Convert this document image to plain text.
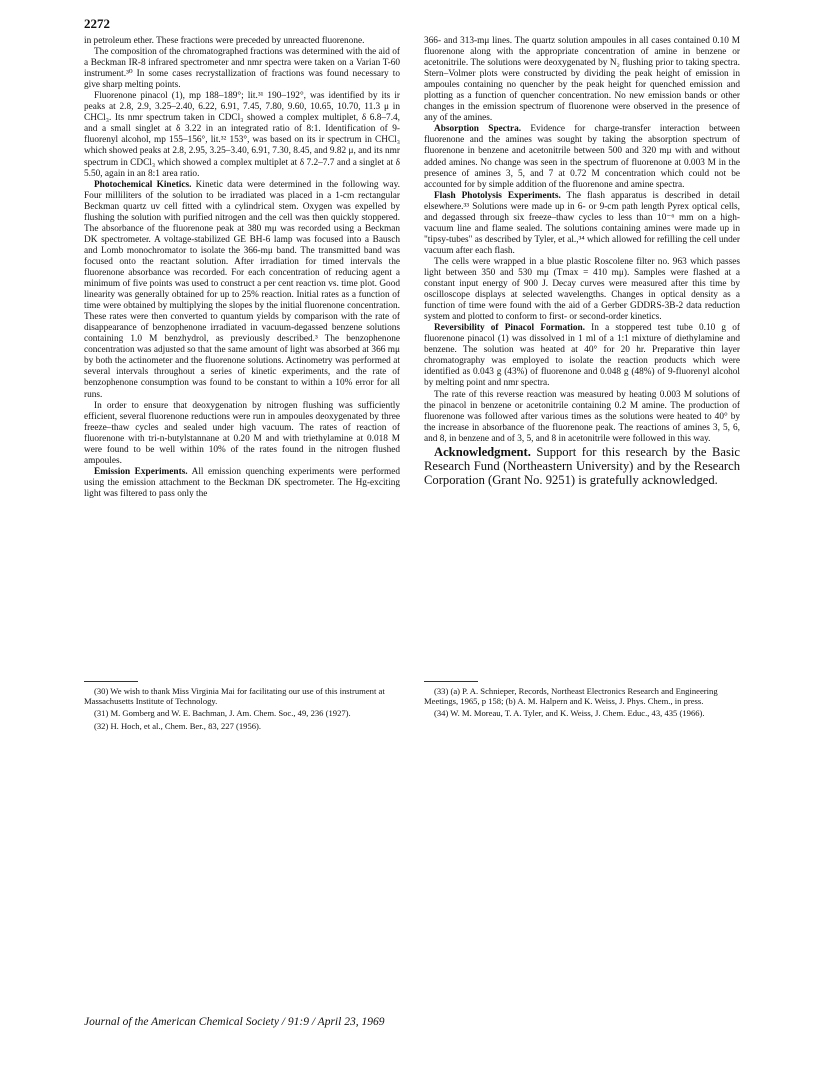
2272

in petroleum ether. These fractions were preceded by unreacted fluorenone.

The composition of the chromatographed fractions was determined with the aid of a Beckman IR-8 infrared spectrometer and nmr spectra were taken on a Varian T-60 instrument.³⁰ In some cases recrystallization of fractions was found necessary to give sharp melting points.

Fluorenone pinacol (1), mp 188–189°; lit.³¹ 190–192°, was identified by its ir peaks at 2.8, 2.9, 3.25–2.40, 6.22, 6.91, 7.45, 7.80, 9.60, 10.65, 10.70, 11.3 μ in CHCl₃. Its nmr spectrum taken in CDCl₃ showed a complex multiplet, δ 6.8–7.4, and a small singlet at δ 3.22 in an integrated ratio of 8:1. Identification of 9-fluorenyl alcohol, mp 155–156°, lit.³² 153°, was based on its ir spectrum in CHCl₃ which showed peaks at 2.8, 2.95, 3.25–3.40, 6.91, 7.30, 8.45, and 9.82 μ, and its nmr spectrum in CDCl₃ which showed a complex multiplet at δ 7.2–7.7 and a singlet at δ 5.50, again in an 8:1 area ratio.

Photochemical Kinetics. Kinetic data were determined in the following way. Four milliliters of the solution to be irradiated was placed in a 1-cm rectangular Beckman quartz uv cell fitted with a cylindrical stem. Oxygen was expelled by flushing the solution with purified nitrogen and the cell was then quickly stoppered. The absorbance of the fluorenone peak at 380 mμ was recorded using a Beckman DK spectrometer. A voltage-stabilized GE BH-6 lamp was focused into a Bausch and Lomb monochromator to isolate the 366-mμ band. The transmitted band was focused onto the reactant solution. After irradiation for timed intervals the fluorenone absorbance was recorded. For each concentration of reducing agent a minimum of five points was used to construct a per cent reaction vs. time plot. Good linearity was generally obtained for up to 25% reaction. Initial rates as a function of time were obtained by multiplying the slopes by the initial fluorenone concentration. These rates were then converted to quantum yields by comparison with the rate of disappearance of benzophenone irradiated in vacuum-degassed benzene solutions containing 1.0 M benzhydrol, as previously described.³ The benzophenone concentration was adjusted so that the same amount of light was absorbed at 366 mμ by both the actinometer and the fluorenone solutions. Actinometry was performed at several intervals throughout a series of kinetic experiments, and the rate of benzophenone consumption was found to be constant to within a 10% error for all runs.

In order to ensure that deoxygenation by nitrogen flushing was sufficiently efficient, several fluorenone reductions were run in ampoules deoxygenated by three freeze–thaw cycles and sealed under high vacuum. The rates of reaction of fluorenone with tri-n-butylstannane at 0.20 M and with triethylamine at 0.018 M were found to be well within 10% of the rates found in the nitrogen flushed ampoules.

Emission Experiments. All emission quenching experiments were performed using the emission attachment to the Beckman DK spectrometer. The Hg-exciting light was filtered to pass only the

366- and 313-mμ lines. The quartz solution ampoules in all cases contained 0.10 M fluorenone along with the appropriate concentration of amine in benzene or acetonitrile. The solutions were deoxygenated by N₂ flushing prior to taking spectra. Stern–Volmer plots were constructed by dividing the peak height of emission in ampoules containing no quencher by the peak height for quenched emission and plotting as a function of quencher concentration. No new emission bands or other changes in the emission spectrum of fluorenone were observed in the presence of any of the amines.

Absorption Spectra. Evidence for charge-transfer interaction between fluorenone and the amines was sought by taking the absorption spectrum of fluorenone in benzene and acetonitrile between 500 and 320 mμ with and without added amines. No change was seen in the spectrum of fluorenone at 0.003 M in the presence of amines 3, 5, and 7 at 0.72 M concentration which could not be accounted for by simple addition of the fluorenone and amine spectra.

Flash Photolysis Experiments. The flash apparatus is described in detail elsewhere.³³ Solutions were made up in 6- or 9-cm path length Pyrex optical cells, and degassed through six freeze–thaw cycles to less than 10⁻⁶ mm on a high-vacuum line and flame sealed. The solutions containing amines were made up in "tipsy-tubes" as described by Tyler, et al.,³⁴ which allowed for refilling the cell under vacuum after each flash.

The cells were wrapped in a blue plastic Roscolene filter no. 963 which passes light between 350 and 530 mμ (Tmax = 410 mμ). Samples were flashed at a constant input energy of 900 J. Decay curves were measured after this time by oscilloscope displays at selected wavelengths. Changes in optical density as a function of time were found with the aid of a Gerber GDDRS-3B-2 data reduction system and plotted to conform to first- or second-order kinetics.

Reversibility of Pinacol Formation. In a stoppered test tube 0.10 g of fluorenone pinacol (1) was dissolved in 1 ml of a 1:1 mixture of diethylamine and benzene. The solution was heated at 40° for 20 hr. Preparative thin layer chromatography was employed to isolate the reaction products which were identified as 0.043 g (43%) of fluorenone and 0.048 g (48%) of 9-fluorenyl alcohol by melting point and nmr spectra.

The rate of this reverse reaction was measured by heating 0.003 M solutions of the pinacol in benzene or acetonitrile containing 0.2 M amine. The production of fluorenone was followed after various times as the solutions were heated to 40° by the increase in absorbance of the fluorenone peak. The reactions of amines 3, 5, 6, and 8, in benzene and of 3, 5, and 8 in acetonitrile were followed in this way.

Acknowledgment. Support for this research by the Basic Research Fund (Northeastern University) and by the Research Corporation (Grant No. 9251) is gratefully acknowledged.

(30) We wish to thank Miss Virginia Mai for facilitating our use of this instrument at Massachusetts Institute of Technology.

(31) M. Gomberg and W. E. Bachman, J. Am. Chem. Soc., 49, 236 (1927).

(32) H. Hoch, et al., Chem. Ber., 83, 227 (1956).

(33) (a) P. A. Schnieper, Records, Northeast Electronics Research and Engineering Meetings, 1965, p 158; (b) A. M. Halpern and K. Weiss, J. Phys. Chem., in press.

(34) W. M. Moreau, T. A. Tyler, and K. Weiss, J. Chem. Educ., 43, 435 (1966).

Journal of the American Chemical Society / 91:9 / April 23, 1969
